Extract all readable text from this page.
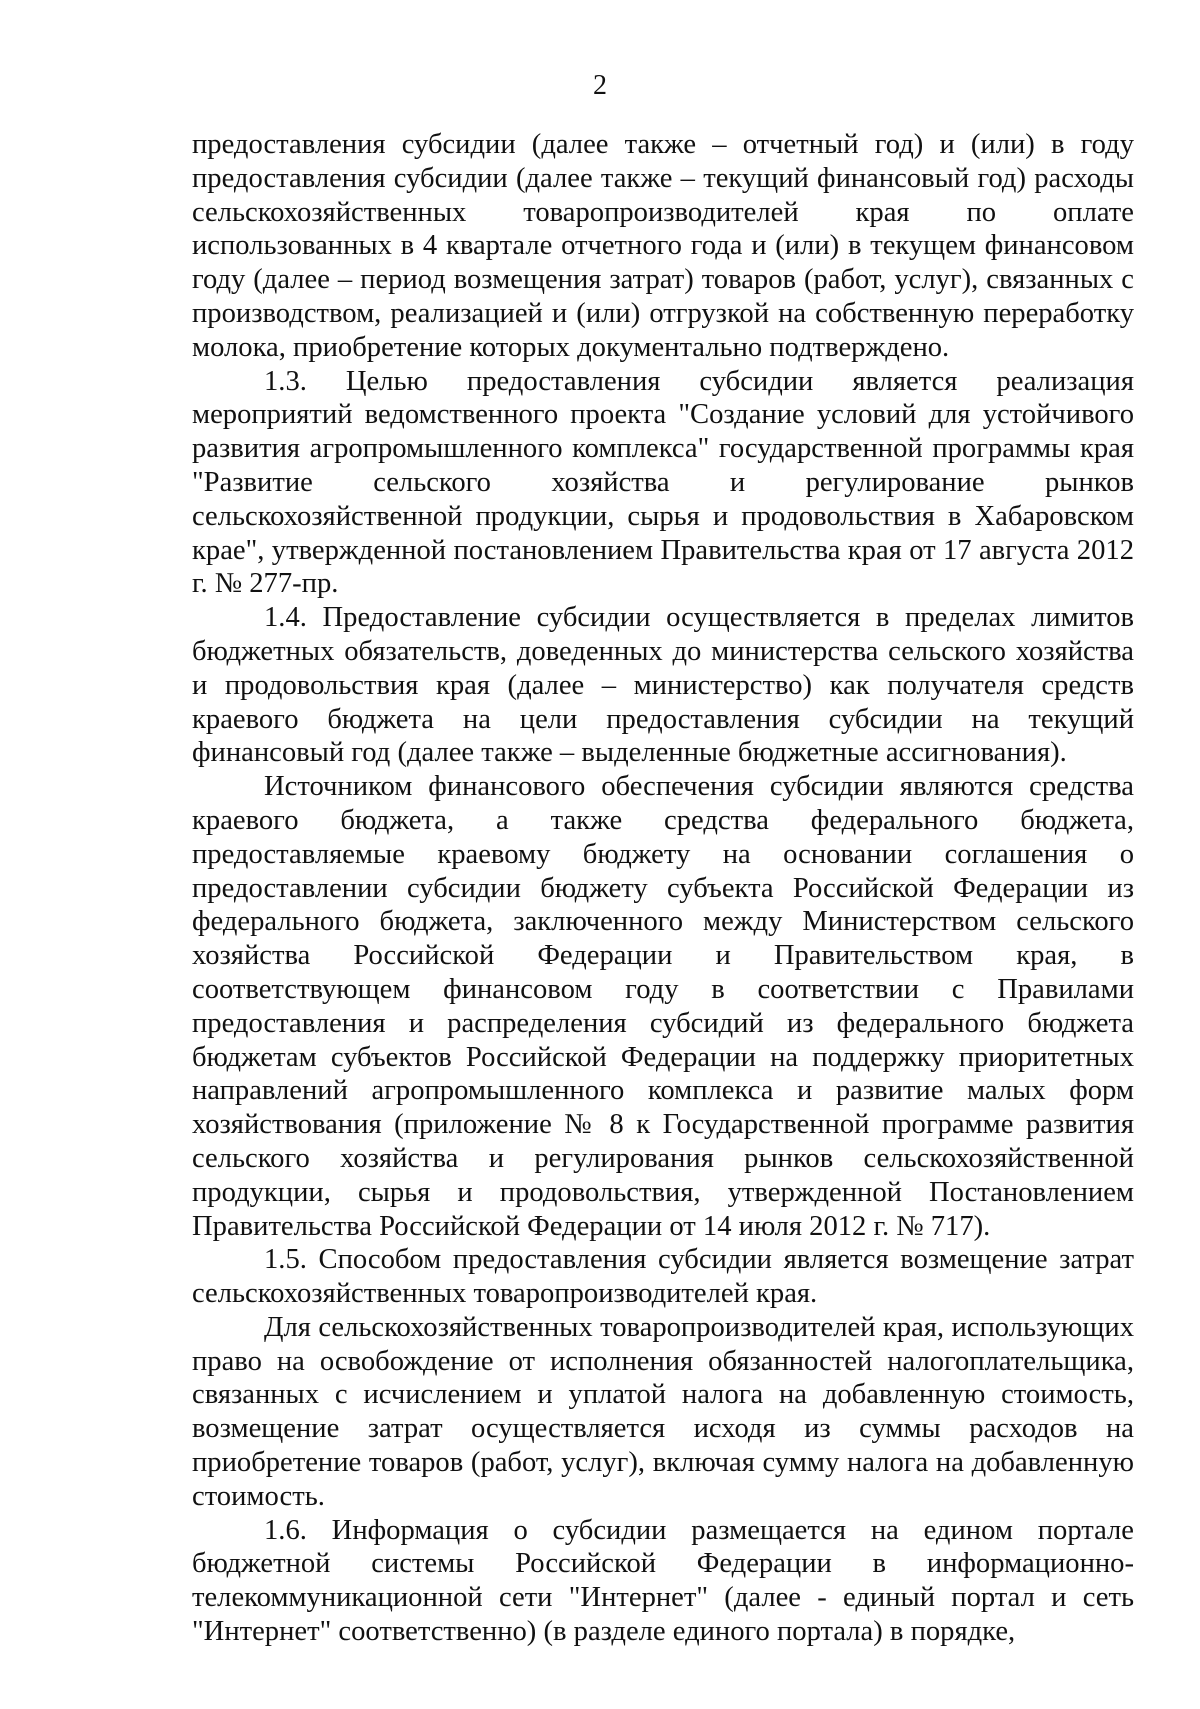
2

предоставления субсидии (далее также – отчетный год) и (или) в году предоставления субсидии (далее также – текущий финансовый год) расходы сельскохозяйственных товаропроизводителей края по оплате использованных в 4 квартале отчетного года и (или) в текущем финансовом году (далее – период возмещения затрат) товаров (работ, услуг), связанных с производством, реализацией и (или) отгрузкой на собственную переработку молока, приобретение которых документально подтверждено.

1.3. Целью предоставления субсидии является реализация мероприятий ведомственного проекта "Создание условий для устойчивого развития агропромышленного комплекса" государственной программы края "Развитие сельского хозяйства и регулирование рынков сельскохозяйственной продукции, сырья и продовольствия в Хабаровском крае", утвержденной постановлением Правительства края от 17 августа 2012 г. № 277-пр.

1.4. Предоставление субсидии осуществляется в пределах лимитов бюджетных обязательств, доведенных до министерства сельского хозяйства и продовольствия края (далее – министерство) как получателя средств краевого бюджета на цели предоставления субсидии на текущий финансовый год (далее также – выделенные бюджетные ассигнования).

Источником финансового обеспечения субсидии являются средства краевого бюджета, а также средства федерального бюджета, предоставляемые краевому бюджету на основании соглашения о предоставлении субсидии бюджету субъекта Российской Федерации из федерального бюджета, заключенного между Министерством сельского хозяйства Российской Федерации и Правительством края, в соответствующем финансовом году в соответствии с Правилами предоставления и распределения субсидий из федерального бюджета бюджетам субъектов Российской Федерации на поддержку приоритетных направлений агропромышленного комплекса и развитие малых форм хозяйствования (приложение № 8 к Государственной программе развития сельского хозяйства и регулирования рынков сельскохозяйственной продукции, сырья и продовольствия, утвержденной Постановлением Правительства Российской Федерации от 14 июля 2012 г. № 717).

1.5. Способом предоставления субсидии является возмещение затрат сельскохозяйственных товаропроизводителей края.

Для сельскохозяйственных товаропроизводителей края, использующих право на освобождение от исполнения обязанностей налогоплательщика, связанных с исчислением и уплатой налога на добавленную стоимость, возмещение затрат осуществляется исходя из суммы расходов на приобретение товаров (работ, услуг), включая сумму налога на добавленную стоимость.

1.6. Информация о субсидии размещается на едином портале бюджетной системы Российской Федерации в информационно-телекоммуникационной сети "Интернет" (далее - единый портал и сеть "Интернет" соответственно) (в разделе единого портала) в порядке,
